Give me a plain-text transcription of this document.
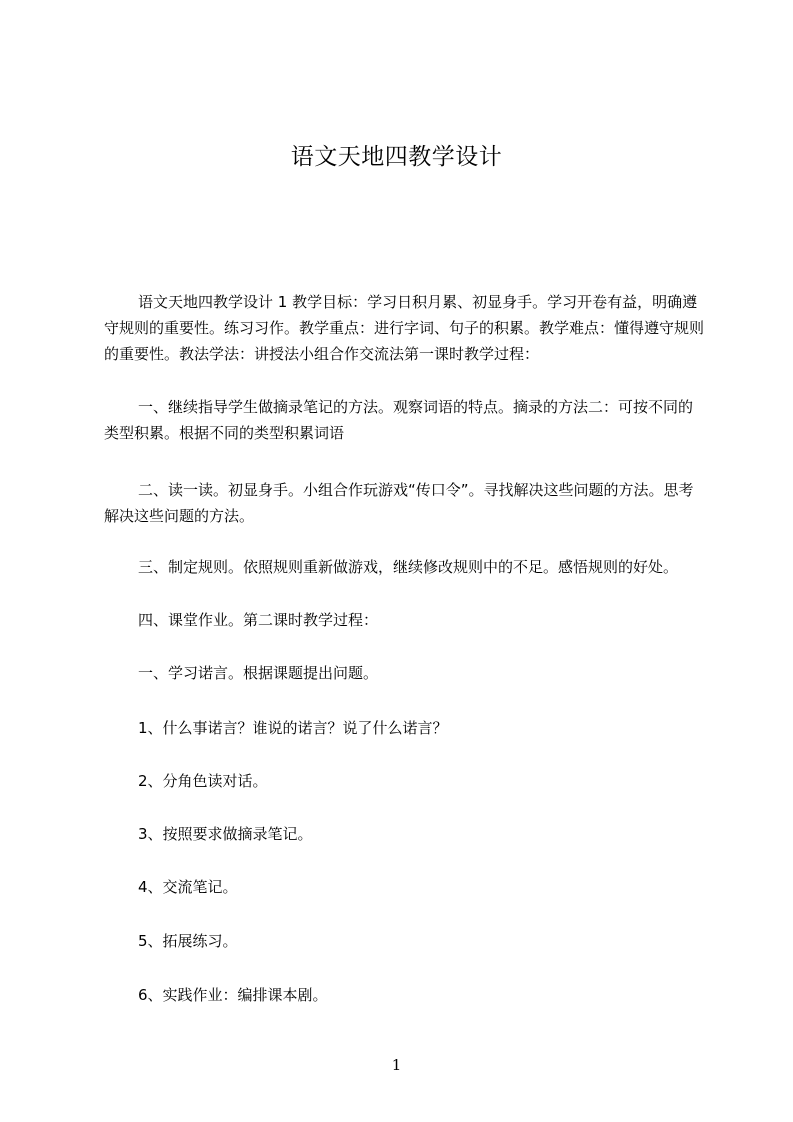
语文天地四教学设计

语文天地四教学设计 1 教学目标：学习日积月累、初显身手。学习开卷有益，明确遵守规则的重要性。练习习作。教学重点：进行字词、句子的积累。教学难点：懂得遵守规则的重要性。教法学法：讲授法小组合作交流法第一课时教学过程：

一、继续指导学生做摘录笔记的方法。观察词语的特点。摘录的方法二：可按不同的类型积累。根据不同的类型积累词语

二、读一读。初显身手。小组合作玩游戏“传口令”。寻找解决这些问题的方法。思考解决这些问题的方法。

三、制定规则。依照规则重新做游戏，继续修改规则中的不足。感悟规则的好处。

四、课堂作业。第二课时教学过程：

一、学习诺言。根据课题提出问题。

1、什么事诺言？谁说的诺言？说了什么诺言？

2、分角色读对话。

3、按照要求做摘录笔记。

4、交流笔记。

5、拓展练习。

6、实践作业：编排课本剧。

1
